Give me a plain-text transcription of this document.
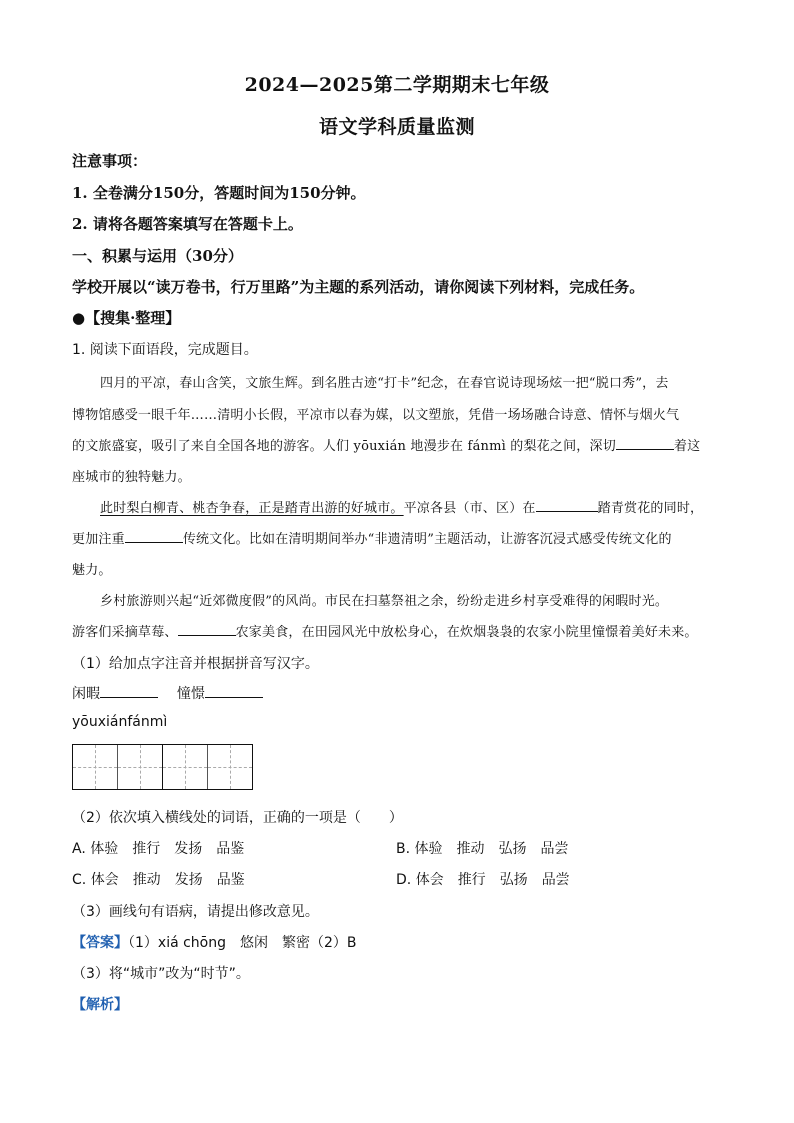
2024—2025第二学期期末七年级
语文学科质量监测
注意事项：
1. 全卷满分150分，答题时间为150分钟。
2. 请将各题答案填写在答题卡上。
一、积累与运用（30分）
学校开展以“读万卷书，行万里路”为主题的系列活动，请你阅读下列材料，完成任务。
●【搜集·整理】
1. 阅读下面语段，完成题目。
四月的平凉，春山含笑，文旅生辉。到名胜古迹“打卡”纪念，在春官说诗现场炫一把“脱口秀”，去
博物馆感受一眼千年……清明小长假，平凉市以春为媒，以文塑旅，凭借一场场融合诗意、情怀与烟火气
的文旅盛宴，吸引了来自全国各地的游客。人们 yōuxián 地漫步在 fánmì 的梨花之间，深切	着这
座城市的独特魅力。
此时梨白柳青、桃杏争春，正是踏青出游的好城市。平凉各县（市、区）在	踏青赏花的同时，
更加注重	传统文化。比如在清明期间举办“非遗清明”主题活动，让游客沉浸式感受传统文化的
魅力。
乡村旅游则兴起“近郊微度假”的风尚。市民在扫墓祭祖之余，纷纷走进乡村享受难得的闲暇时光。
游客们采摘草莓、	农家美食，在田园风光中放松身心，在炊烟袅袅的农家小院里憧憬着美好未来。
（1）给加点字注音并根据拼音写汉字。
闲暇	憧憬
yōuxiánfánmì
（2）依次填入横线处的词语，正确的一项是（　　）
A. 体验 推行 发扬 品鉴	B. 体验 推动 弘扬 品尝
C. 体会 推动 发扬 品鉴	D. 体会 推行 弘扬 品尝
（3）画线句有语病，请提出修改意见。
【答案】（1）xiá chōng　悠闲　繁密（2）B
（3）将“城市”改为“时节”。
【解析】
